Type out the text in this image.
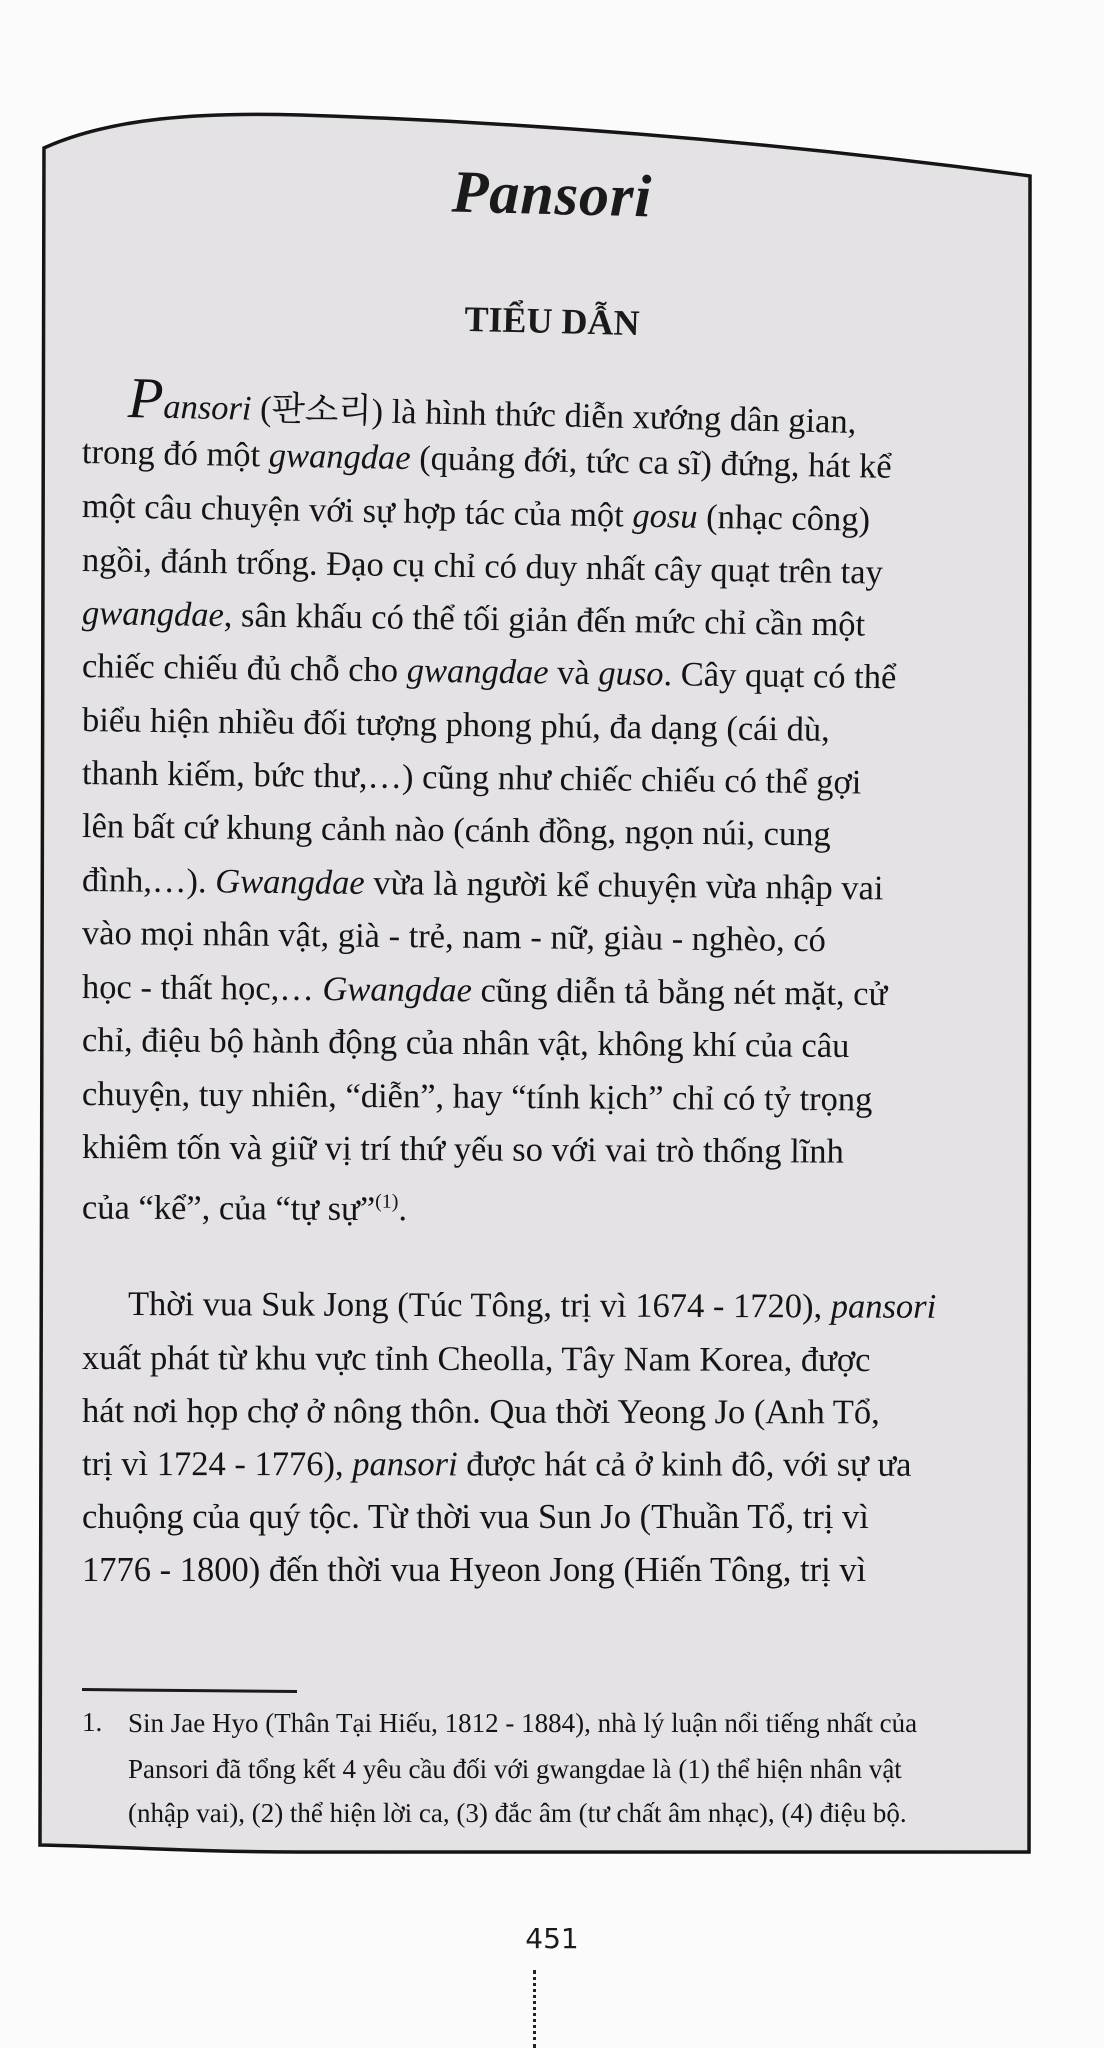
Pansori
TIỂU DẪN
Pansori (판소리) là hình thức diễn xướng dân gian,
trong đó một gwangdae (quảng đới, tức ca sĩ) đứng, hát kể
một câu chuyện với sự hợp tác của một gosu (nhạc công)
ngồi, đánh trống. Đạo cụ chỉ có duy nhất cây quạt trên tay
gwangdae, sân khấu có thể tối giản đến mức chỉ cần một
chiếc chiếu đủ chỗ cho gwangdae và guso. Cây quạt có thể
biểu hiện nhiều đối tượng phong phú, đa dạng (cái dù,
thanh kiếm, bức thư,…) cũng như chiếc chiếu có thể gợi
lên bất cứ khung cảnh nào (cánh đồng, ngọn núi, cung
đình,…). Gwangdae vừa là người kể chuyện vừa nhập vai
vào mọi nhân vật, già - trẻ, nam - nữ, giàu - nghèo, có
học - thất học,… Gwangdae cũng diễn tả bằng nét mặt, cử
chỉ, điệu bộ hành động của nhân vật, không khí của câu
chuyện, tuy nhiên, “diễn”, hay “tính kịch” chỉ có tỷ trọng
khiêm tốn và giữ vị trí thứ yếu so với vai trò thống lĩnh
của “kể”, của “tự sự”$^{(1)}$.
Thời vua Suk Jong (Túc Tông, trị vì 1674 - 1720), pansori
xuất phát từ khu vực tỉnh Cheolla, Tây Nam Korea, được
hát nơi họp chợ ở nông thôn. Qua thời Yeong Jo (Anh Tổ,
trị vì 1724 - 1776), pansori được hát cả ở kinh đô, với sự ưa
chuộng của quý tộc. Từ thời vua Sun Jo (Thuần Tổ, trị vì
1776 - 1800) đến thời vua Hyeon Jong (Hiến Tông, trị vì
1. Sin Jae Hyo (Thân Tại Hiếu, 1812 - 1884), nhà lý luận nổi tiếng nhất của
Pansori đã tổng kết 4 yêu cầu đối với gwangdae là (1) thể hiện nhân vật
(nhập vai), (2) thể hiện lời ca, (3) đắc âm (tư chất âm nhạc), (4) điệu bộ.
451
